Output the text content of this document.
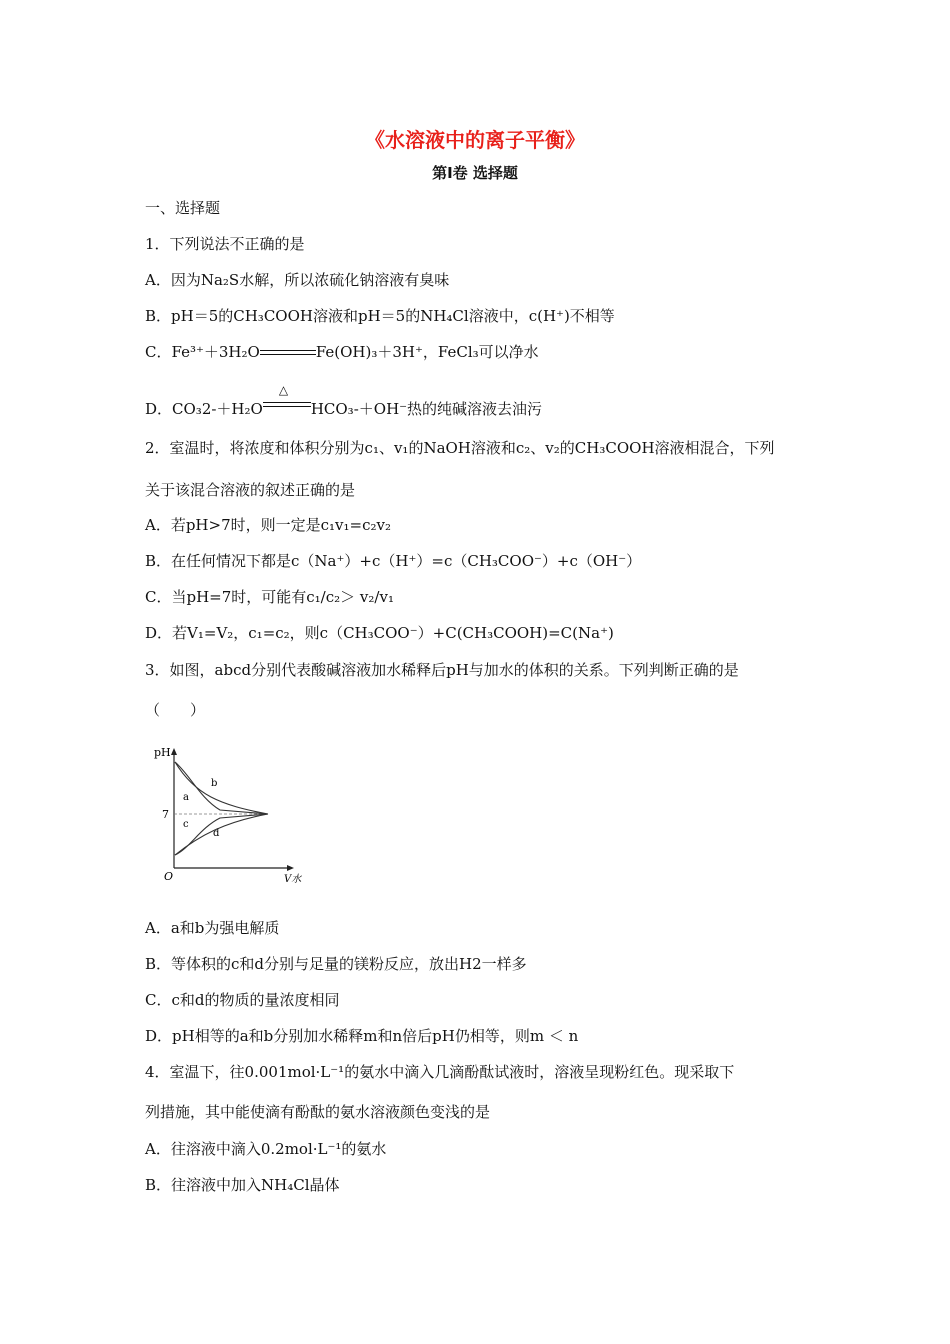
《水溶液中的离子平衡》
第Ⅰ卷 选择题
一、选择题
1．下列说法不正确的是
A．因为Na₂S水解，所以浓硫化钠溶液有臭味
B．pH＝5的CH₃COOH溶液和pH＝5的NH₄Cl溶液中，c(H⁺)不相等
C．Fe³⁺＋3H₂O	Fe(OH)₃＋3H⁺，FeCl₃可以净水
D．CO₃2-＋H₂O
△
HCO₃-＋OH⁻热的纯碱溶液去油污
2．室温时，将浓度和体积分别为c₁、v₁的NaOH溶液和c₂、v₂的CH₃COOH溶液相混合，下列
关于该混合溶液的叙述正确的是
A．若pH>7时，则一定是c₁v₁=c₂v₂
B．在任何情况下都是c（Na⁺）+c（H⁺）=c（CH₃COO⁻）+c（OH⁻）
C．当pH=7时，可能有c₁/c₂＞ v₂/v₁
D．若V₁=V₂，c₁=c₂，则c（CH₃COO⁻）+C(CH₃COOH)=C(Na⁺)
3．如图，abcd分别代表酸碱溶液加水稀释后pH与加水的体积的关系。下列判断正确的是
（　　）
pH
V水
O
7
a
b
c
d
A．a和b为强电解质
B．等体积的c和d分别与足量的镁粉反应，放出H2一样多
C．c和d的物质的量浓度相同
D．pH相等的a和b分别加水稀释m和n倍后pH仍相等，则m ＜ n
4．室温下，往0.001mol·L⁻¹的氨水中滴入几滴酚酞试液时，溶液呈现粉红色。现采取下
列措施，其中能使滴有酚酞的氨水溶液颜色变浅的是
A．往溶液中滴入0.2mol·L⁻¹的氨水
B．往溶液中加入NH₄Cl晶体
